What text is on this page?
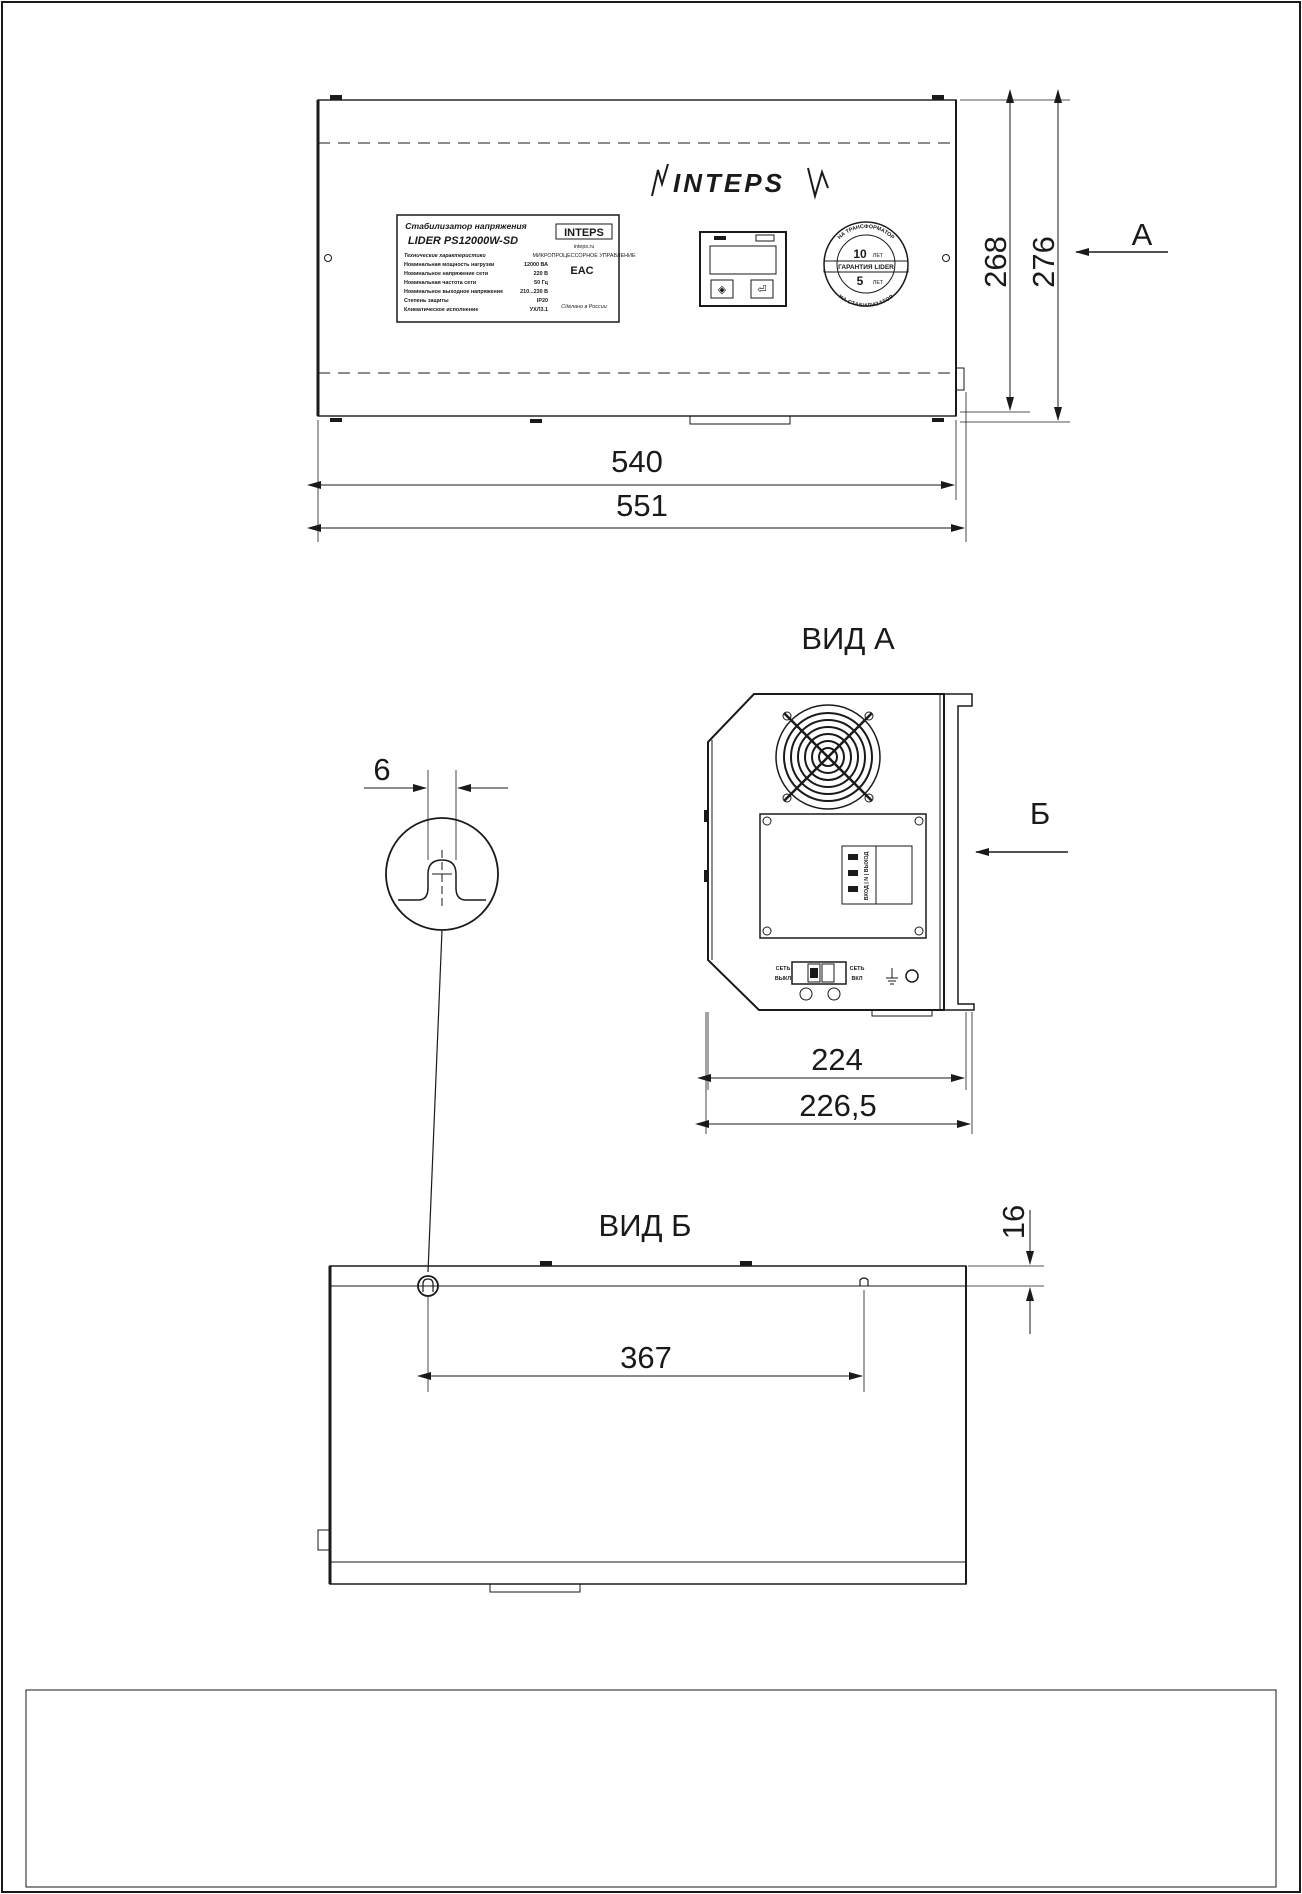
INTEPS
Стабилизатор напряжения
LIDER PS12000W-SD
Технические характеристики
Номинальная мощность нагрузки	12000 ВА
Номинальное напряжение сети	220 В
Номинальная частота сети	50 Гц
Номинальное выходное напряжение	210...230 В
Степень защиты	IP20
Климатическое исполнение	УХЛ3.1
INTEPS
inteps.ru
МИКРОПРОЦЕССОРНОЕ УПРАВЛЕНИЕ
EAC
Сделано в России
◈	⏎
НА ТРАНСФОРМАТОР
НА СТАБИЛИЗАТОР
10 ЛЕТ
ГАРАНТИЯ LIDER
5 ЛЕТ
540
551
268 276
А
ВИД А
ВХОД | N | ВЫХОД
СЕТЬ
ВЫКЛ
СЕТЬ
ВКЛ
224
226,5
Б
6
ВИД Б
367
16
